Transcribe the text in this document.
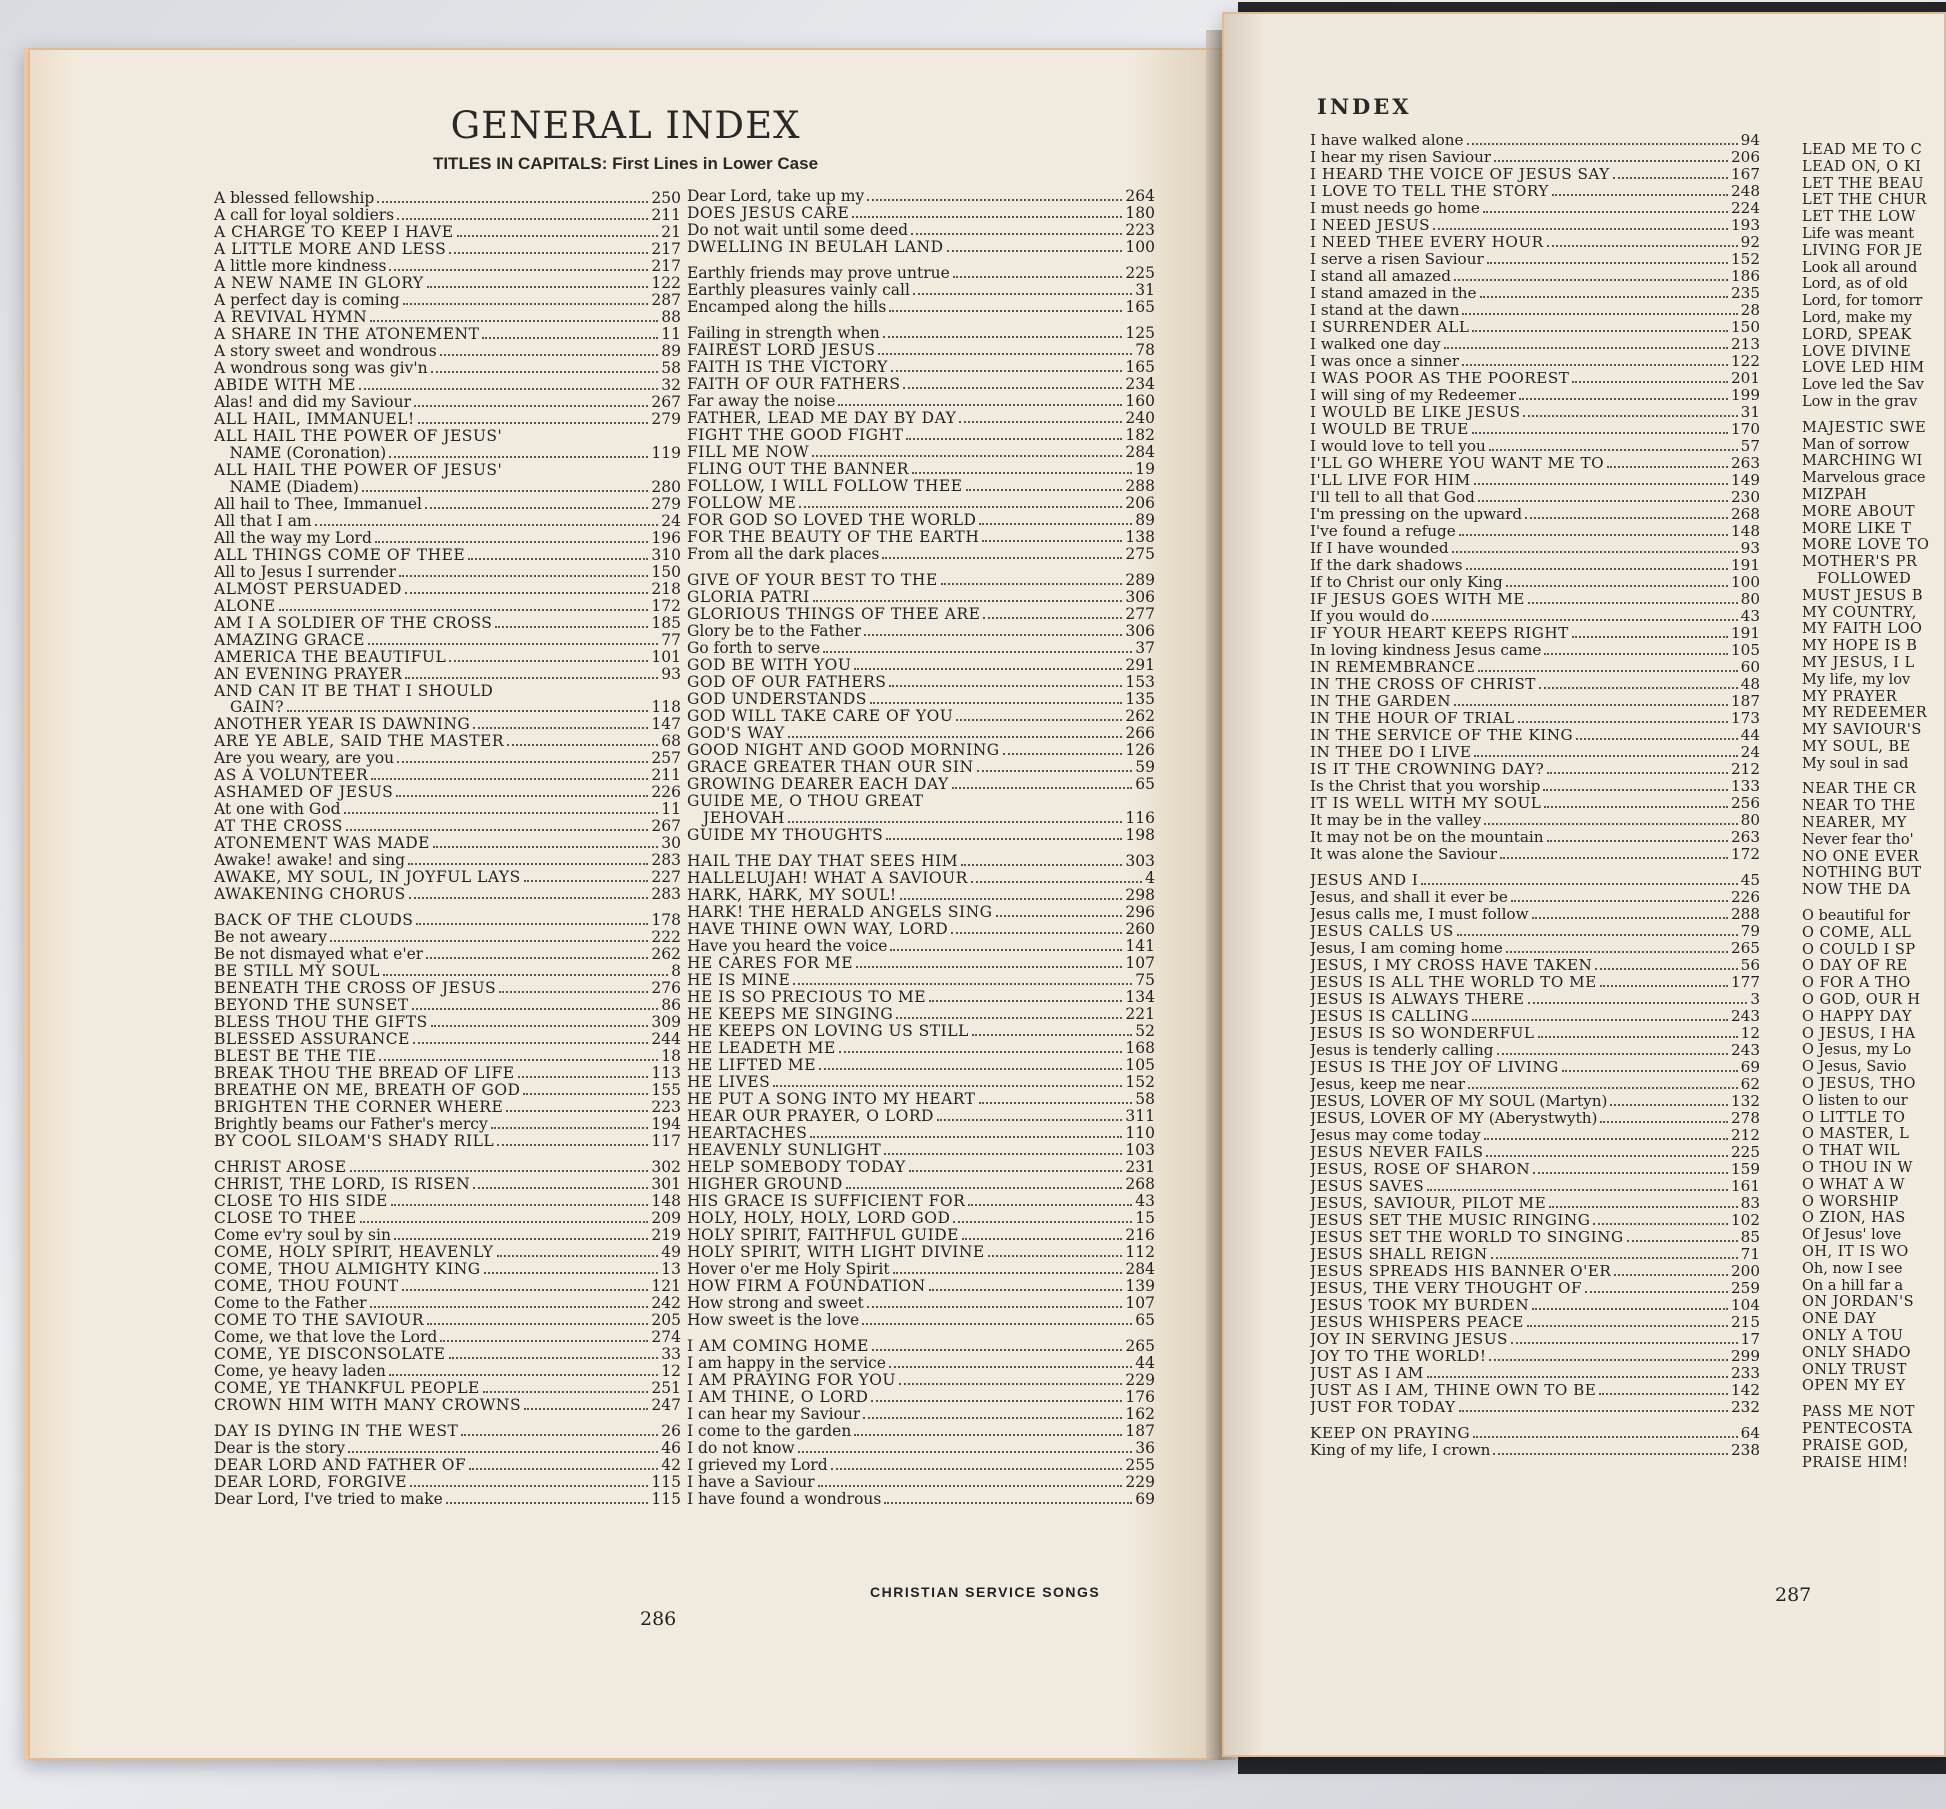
GENERAL INDEX
TITLES IN CAPITALS: First Lines in Lower Case
A blessed fellowship	250
A call for loyal soldiers	211
A CHARGE TO KEEP I HAVE	21
A LITTLE MORE AND LESS	217
A little more kindness	217
A NEW NAME IN GLORY	122
A perfect day is coming	287
A REVIVAL HYMN	88
A SHARE IN THE ATONEMENT	11
A story sweet and wondrous	89
A wondrous song was giv'n	58
ABIDE WITH ME	32
Alas! and did my Saviour	267
ALL HAIL, IMMANUEL!	279
ALL HAIL THE POWER OF JESUS'
 NAME (Coronation)	119
ALL HAIL THE POWER OF JESUS'
 NAME (Diadem)	280
All hail to Thee, Immanuel	279
All that I am	24
All the way my Lord	196
ALL THINGS COME OF THEE	310
All to Jesus I surrender	150
ALMOST PERSUADED	218
ALONE	172
AM I A SOLDIER OF THE CROSS	185
AMAZING GRACE	77
AMERICA THE BEAUTIFUL	101
AN EVENING PRAYER	93
AND CAN IT BE THAT I SHOULD
 GAIN?	118
ANOTHER YEAR IS DAWNING	147
ARE YE ABLE, SAID THE MASTER	68
Are you weary, are you	257
AS A VOLUNTEER	211
ASHAMED OF JESUS	226
At one with God	11
AT THE CROSS	267
ATONEMENT WAS MADE	30
Awake! awake! and sing	283
AWAKE, MY SOUL, IN JOYFUL LAYS	227
AWAKENING CHORUS	283
BACK OF THE CLOUDS	178
Be not aweary	222
Be not dismayed what e'er	262
BE STILL MY SOUL	8
BENEATH THE CROSS OF JESUS	276
BEYOND THE SUNSET	86
BLESS THOU THE GIFTS	309
BLESSED ASSURANCE	244
BLEST BE THE TIE	18
BREAK THOU THE BREAD OF LIFE	113
BREATHE ON ME, BREATH OF GOD	155
BRIGHTEN THE CORNER WHERE	223
Brightly beams our Father's mercy	194
BY COOL SILOAM'S SHADY RILL	117
CHRIST AROSE	302
CHRIST, THE LORD, IS RISEN	301
CLOSE TO HIS SIDE	148
CLOSE TO THEE	209
Come ev'ry soul by sin	219
COME, HOLY SPIRIT, HEAVENLY	49
COME, THOU ALMIGHTY KING	13
COME, THOU FOUNT	121
Come to the Father	242
COME TO THE SAVIOUR	205
Come, we that love the Lord	274
COME, YE DISCONSOLATE	33
Come, ye heavy laden	12
COME, YE THANKFUL PEOPLE	251
CROWN HIM WITH MANY CROWNS	247
DAY IS DYING IN THE WEST	26
Dear is the story	46
DEAR LORD AND FATHER OF	42
DEAR LORD, FORGIVE	115
Dear Lord, I've tried to make	115
Dear Lord, take up my	264
DOES JESUS CARE	180
Do not wait until some deed	223
DWELLING IN BEULAH LAND	100
Earthly friends may prove untrue	225
Earthly pleasures vainly call	31
Encamped along the hills	165
Failing in strength when	125
FAIREST LORD JESUS	78
FAITH IS THE VICTORY	165
FAITH OF OUR FATHERS	234
Far away the noise	160
FATHER, LEAD ME DAY BY DAY	240
FIGHT THE GOOD FIGHT	182
FILL ME NOW	284
FLING OUT THE BANNER	19
FOLLOW, I WILL FOLLOW THEE	288
FOLLOW ME	206
FOR GOD SO LOVED THE WORLD	89
FOR THE BEAUTY OF THE EARTH	138
From all the dark places	275
GIVE OF YOUR BEST TO THE	289
GLORIA PATRI	306
GLORIOUS THINGS OF THEE ARE	277
Glory be to the Father	306
Go forth to serve	37
GOD BE WITH YOU	291
GOD OF OUR FATHERS	153
GOD UNDERSTANDS	135
GOD WILL TAKE CARE OF YOU	262
GOD'S WAY	266
GOOD NIGHT AND GOOD MORNING	126
GRACE GREATER THAN OUR SIN	59
GROWING DEARER EACH DAY	65
GUIDE ME, O THOU GREAT
 JEHOVAH	116
GUIDE MY THOUGHTS	198
HAIL THE DAY THAT SEES HIM	303
HALLELUJAH! WHAT A SAVIOUR	4
HARK, HARK, MY SOUL!	298
HARK! THE HERALD ANGELS SING	296
HAVE THINE OWN WAY, LORD	260
Have you heard the voice	141
HE CARES FOR ME	107
HE IS MINE	75
HE IS SO PRECIOUS TO ME	134
HE KEEPS ME SINGING	221
HE KEEPS ON LOVING US STILL	52
HE LEADETH ME	168
HE LIFTED ME	105
HE LIVES	152
HE PUT A SONG INTO MY HEART	58
HEAR OUR PRAYER, O LORD	311
HEARTACHES	110
HEAVENLY SUNLIGHT	103
HELP SOMEBODY TODAY	231
HIGHER GROUND	268
HIS GRACE IS SUFFICIENT FOR	43
HOLY, HOLY, HOLY, LORD GOD	15
HOLY SPIRIT, FAITHFUL GUIDE	216
HOLY SPIRIT, WITH LIGHT DIVINE	112
Hover o'er me Holy Spirit	284
HOW FIRM A FOUNDATION	139
How strong and sweet	107
How sweet is the love	65
I AM COMING HOME	265
I am happy in the service	44
I AM PRAYING FOR YOU	229
I AM THINE, O LORD	176
I can hear my Saviour	162
I come to the garden	187
I do not know	36
I grieved my Lord	255
I have a Saviour	229
I have found a wondrous	69
CHRISTIAN SERVICE SONGS
286
INDEX
I have walked alone	94
I hear my risen Saviour	206
I HEARD THE VOICE OF JESUS SAY	167
I LOVE TO TELL THE STORY	248
I must needs go home	224
I NEED JESUS	193
I NEED THEE EVERY HOUR	92
I serve a risen Saviour	152
I stand all amazed	186
I stand amazed in the	235
I stand at the dawn	28
I SURRENDER ALL	150
I walked one day	213
I was once a sinner	122
I WAS POOR AS THE POOREST	201
I will sing of my Redeemer	199
I WOULD BE LIKE JESUS	31
I WOULD BE TRUE	170
I would love to tell you	57
I'LL GO WHERE YOU WANT ME TO	263
I'LL LIVE FOR HIM	149
I'll tell to all that God	230
I'm pressing on the upward	268
I've found a refuge	148
If I have wounded	93
If the dark shadows	191
If to Christ our only King	100
IF JESUS GOES WITH ME	80
If you would do	43
IF YOUR HEART KEEPS RIGHT	191
In loving kindness Jesus came	105
IN REMEMBRANCE	60
IN THE CROSS OF CHRIST	48
IN THE GARDEN	187
IN THE HOUR OF TRIAL	173
IN THE SERVICE OF THE KING	44
IN THEE DO I LIVE	24
IS IT THE CROWNING DAY?	212
Is the Christ that you worship	133
IT IS WELL WITH MY SOUL	256
It may be in the valley	80
It may not be on the mountain	263
It was alone the Saviour	172
JESUS AND I	45
Jesus, and shall it ever be	226
Jesus calls me, I must follow	288
JESUS CALLS US	79
Jesus, I am coming home	265
JESUS, I MY CROSS HAVE TAKEN	56
JESUS IS ALL THE WORLD TO ME	177
JESUS IS ALWAYS THERE	3
JESUS IS CALLING	243
JESUS IS SO WONDERFUL	12
Jesus is tenderly calling	243
JESUS IS THE JOY OF LIVING	69
Jesus, keep me near	62
JESUS, LOVER OF MY SOUL (Martyn)	132
JESUS, LOVER OF MY (Aberystwyth)	278
Jesus may come today	212
JESUS NEVER FAILS	225
JESUS, ROSE OF SHARON	159
JESUS SAVES	161
JESUS, SAVIOUR, PILOT ME	83
JESUS SET THE MUSIC RINGING	102
JESUS SET THE WORLD TO SINGING	85
JESUS SHALL REIGN	71
JESUS SPREADS HIS BANNER O'ER	200
JESUS, THE VERY THOUGHT OF	259
JESUS TOOK MY BURDEN	104
JESUS WHISPERS PEACE	215
JOY IN SERVING JESUS	17
JOY TO THE WORLD!	299
JUST AS I AM	233
JUST AS I AM, THINE OWN TO BE	142
JUST FOR TODAY	232
KEEP ON PRAYING	64
King of my life, I crown	238
LEAD ME TO C
LEAD ON, O KI
LET THE BEAU
LET THE CHUR
LET THE LOW
Life was meant
LIVING FOR JE
Look all around
Lord, as of old
Lord, for tomorr
Lord, make my
LORD, SPEAK
LOVE DIVINE
LOVE LED HIM
Love led the Sav
Low in the grav
MAJESTIC SWE
Man of sorrow
MARCHING WI
Marvelous grace
MIZPAH
MORE ABOUT
MORE LIKE T
MORE LOVE TO
MOTHER'S PR
 FOLLOWED
MUST JESUS B
MY COUNTRY,
MY FAITH LOO
MY HOPE IS B
MY JESUS, I L
My life, my lov
MY PRAYER
MY REDEEMER
MY SAVIOUR'S
MY SOUL, BE
My soul in sad
NEAR THE CR
NEAR TO THE
NEARER, MY
Never fear tho'
NO ONE EVER
NOTHING BUT
NOW THE DA
O beautiful for
O COME, ALL
O COULD I SP
O DAY OF RE
O FOR A THO
O GOD, OUR H
O HAPPY DAY
O JESUS, I HA
O Jesus, my Lo
O Jesus, Savio
O JESUS, THO
O listen to our
O LITTLE TO
O MASTER, L
O THAT WIL
O THOU IN W
O WHAT A W
O WORSHIP
O ZION, HAS
Of Jesus' love
OH, IT IS WO
Oh, now I see
On a hill far a
ON JORDAN'S
ONE DAY
ONLY A TOU
ONLY SHADO
ONLY TRUST
OPEN MY EY
PASS ME NOT
PENTECOSTA
PRAISE GOD,
PRAISE HIM!
287
